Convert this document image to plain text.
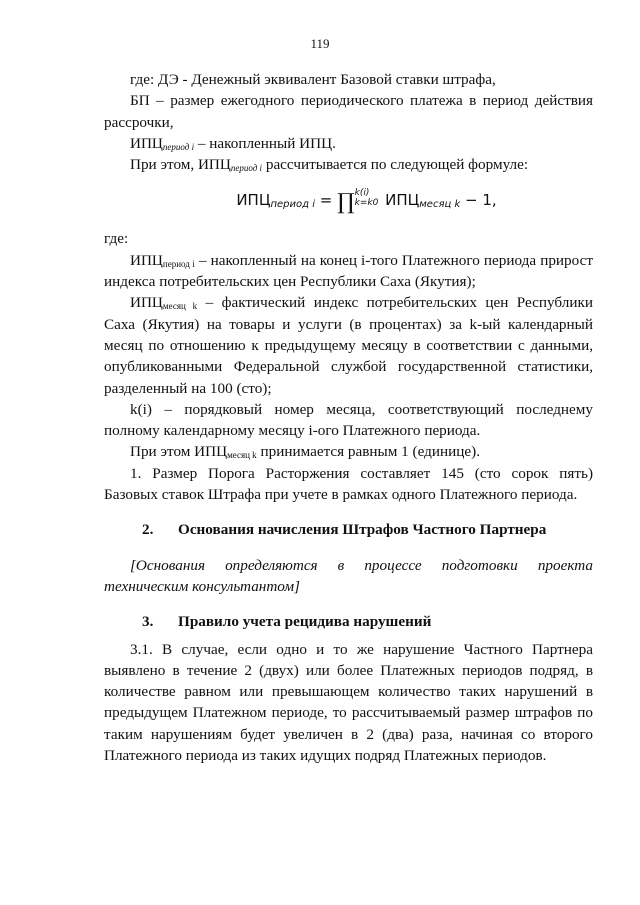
119

где: ДЭ - Денежный эквивалент Базовой ставки штрафа,

БП – размер ежегодного периодического платежа в период действия рассрочки,

$ИПЦ_{период i}$ – накопленный ИПЦ.

При этом, $ИПЦ_{период i}$ рассчитывается по следующей формуле:

$ИПЦ_{период i}$ = ∏k(i)
k=k0 $ИПЦ_{месяц k} - 1$,

где:

$ИПЦ_{период i}$ – накопленный на конец i-того Платежного периода прирост индекса потребительских цен Республики Саха (Якутия);

$ИПЦ_{месяц k}$ – фактический индекс потребительских цен Республики Саха (Якутия) на товары и услуги (в процентах) за k-ый календарный месяц по отношению к предыдущему месяцу в соответствии с данными, опубликованными Федеральной службой государственной статистики, разделенный на 100 (сто);

k(i) – порядковый номер месяца, соответствующий последнему полному календарному месяцу i-ого Платежного периода.

При этом $ИПЦ_{месяц k}$ принимается равным 1 (единице).

1. Размер Порога Расторжения составляет 145 (сто сорок пять) Базовых ставок Штрафа при учете в рамках одного Платежного периода.

2. Основания начисления Штрафов Частного Партнера

[Основания определяются в процессе подготовки проекта техническим консультантом]

3. Правило учета рецидива нарушений

3.1. В случае, если одно и то же нарушение Частного Партнера выявлено в течение 2 (двух) или более Платежных периодов подряд, в количестве равном или превышающем количество таких нарушений в предыдущем Платежном периоде, то рассчитываемый размер штрафов по таким нарушениям будет увеличен в 2 (два) раза, начиная со второго Платежного периода из таких идущих подряд Платежных периодов.
